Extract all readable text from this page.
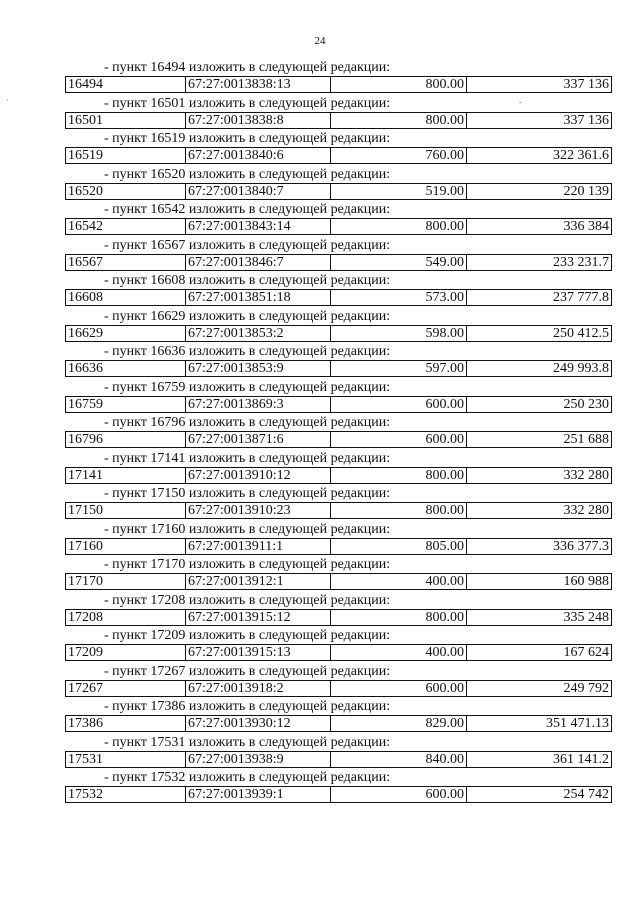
24
·	-
- пункт 16494 изложить в следующей редакции:
16494	67:27:0013838:13	800.00	337 136
- пункт 16501 изложить в следующей редакции:
16501	67:27:0013838:8	800.00	337 136
- пункт 16519 изложить в следующей редакции:
16519	67:27:0013840:6	760.00	322 361.6
- пункт 16520 изложить в следующей редакции:
16520	67:27:0013840:7	519.00	220 139
- пункт 16542 изложить в следующей редакции:
16542	67:27:0013843:14	800.00	336 384
- пункт 16567 изложить в следующей редакции:
16567	67:27:0013846:7	549.00	233 231.7
- пункт 16608 изложить в следующей редакции:
16608	67:27:0013851:18	573.00	237 777.8
- пункт 16629 изложить в следующей редакции:
16629	67:27:0013853:2	598.00	250 412.5
- пункт 16636 изложить в следующей редакции:
16636	67:27:0013853:9	597.00	249 993.8
- пункт 16759 изложить в следующей редакции:
16759	67:27:0013869:3	600.00	250 230
- пункт 16796 изложить в следующей редакции:
16796	67:27:0013871:6	600.00	251 688
- пункт 17141 изложить в следующей редакции:
17141	67:27:0013910:12	800.00	332 280
- пункт 17150 изложить в следующей редакции:
17150	67:27:0013910:23	800.00	332 280
- пункт 17160 изложить в следующей редакции:
17160	67:27:0013911:1	805.00	336 377.3
- пункт 17170 изложить в следующей редакции:
17170	67:27:0013912:1	400.00	160 988
- пункт 17208 изложить в следующей редакции:
17208	67:27:0013915:12	800.00	335 248
- пункт 17209 изложить в следующей редакции:
17209	67:27:0013915:13	400.00	167 624
- пункт 17267 изложить в следующей редакции:
17267	67:27:0013918:2	600.00	249 792
- пункт 17386 изложить в следующей редакции:
17386	67:27:0013930:12	829.00	351 471.13
- пункт 17531 изложить в следующей редакции:
17531	67:27:0013938:9	840.00	361 141.2
- пункт 17532 изложить в следующей редакции:
17532	67:27:0013939:1	600.00	254 742
